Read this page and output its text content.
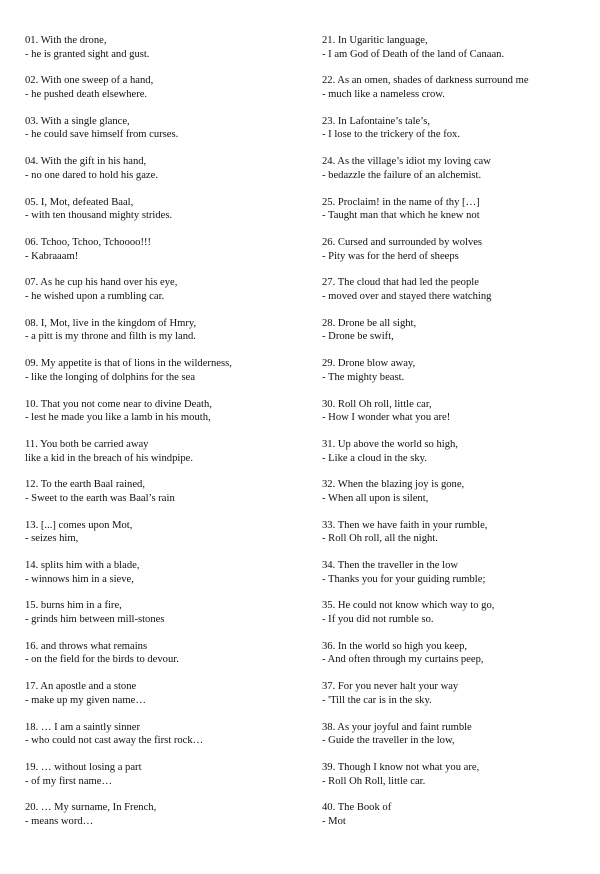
01. With the drone,
- he is granted sight and gust.
02. With one sweep of a hand,
- he pushed death elsewhere.
03. With a single glance,
- he could save himself from curses.
04. With the gift in his hand,
- no one dared to hold his gaze.
05. I, Mot, defeated Baal,
- with ten thousand mighty strides.
06. Tchoo, Tchoo, Tchoooo!!!
- Kabraaam!
07. As he cup his hand over his eye,
- he wished upon a rumbling car.
08. I, Mot, live in the kingdom of Hmry,
- a pitt is my throne and filth is my land.
09. My appetite is that of lions in the wilderness,
- like the longing of dolphins for the sea
10. That you not come near to divine Death,
- lest he made you like a lamb in his mouth,
11. You both be carried away
like a kid in the breach of his windpipe.
12. To the earth Baal rained,
- Sweet to the earth was Baal’s rain
13. [...] comes upon Mot,
- seizes him,
14. splits him with a blade,
- winnows him in a sieve,
15. burns him in a fire,
- grinds him between mill-stones
16. and throws what remains
- on the field for the birds to devour.
17. An apostle and a stone
- make up my given name…
18. … I am a saintly sinner
- who could not cast away the first rock…
19. … without losing a part
- of my first name…
20. … My surname, In French,
- means word…
21. In Ugaritic language,
- I am God of Death of the land of Canaan.
22. As an omen, shades of darkness surround me
- much like a nameless crow.
23. In Lafontaine’s tale’s,
- I lose to the trickery of the fox.
24. As the village’s idiot my loving caw
- bedazzle the failure of an alchemist.
25. Proclaim! in the name of thy […]
- Taught man that which he knew not
26. Cursed and surrounded by wolves
- Pity was for the herd of sheeps
27. The cloud that had led the people
- moved over and stayed there watching
28. Drone be all sight,
- Drone be swift,
29. Drone blow away,
- The mighty beast.
30. Roll Oh roll, little car,
- How I wonder what you are!
31. Up above the world so high,
- Like a cloud in the sky.
32. When the blazing joy is gone,
- When all upon is silent,
33. Then we have faith in your rumble,
- Roll Oh roll, all the night.
34. Then the traveller in the low
- Thanks you for your guiding rumble;
35. He could not know which way to go,
- If you did not rumble so.
36. In the world so high you keep,
- And often through my curtains peep,
37. For you never halt your way
- 'Till the car is in the sky.
38. As your joyful and faint rumble
- Guide the traveller in the low,
39. Though I know not what you are,
- Roll Oh Roll, little car.
40. The Book of
- Mot
